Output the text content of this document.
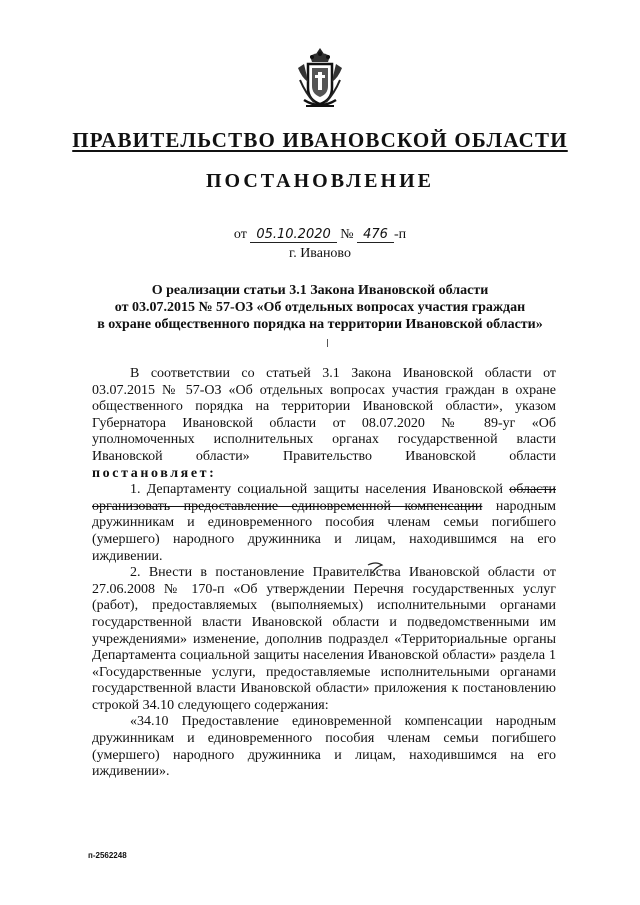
ПРАВИТЕЛЬСТВО ИВАНОВСКОЙ ОБЛАСТИ
ПОСТАНОВЛЕНИЕ
от 05.10.2020 № 476 -п
г. Иваново
О реализации статьи 3.1 Закона Ивановской области
от 03.07.2015 № 57-ОЗ «Об отдельных вопросах участия граждан
в охране общественного порядка на территории Ивановской области»

В соответствии со статьей 3.1 Закона Ивановской области от 03.07.2015 № 57-ОЗ «Об отдельных вопросах участия граждан в охране общественного порядка на территории Ивановской области», указом Губернатора Ивановской области от 08.07.2020 № 89-уг «Об уполномоченных исполнительных органах государственной власти Ивановской области» Правительство Ивановской области постановляет:

1. Департаменту социальной защиты населения Ивановской области организовать предоставление единовременной компенсации народным дружинникам и единовременного пособия членам семьи погибшего (умершего) народного дружинника и лицам, находившимся на его иждивении.

2. Внести в постановление Правительства Ивановской области от 27.06.2008 № 170-п «Об утверждении Перечня государственных услуг (работ), предоставляемых (выполняемых) исполнительными органами государственной власти Ивановской области и подведомственными им учреждениями» изменение, дополнив подраздел «Территориальные органы Департамента социальной защиты населения Ивановской области» раздела 1 «Государственные услуги, предоставляемые исполнительными органами государственной власти Ивановской области» приложения к постановлению строкой 34.10 следующего содержания:

«34.10 Предоставление единовременной компенсации народным дружинникам и единовременного пособия членам семьи погибшего (умершего) народного дружинника и лицам, находившимся на его иждивении».

п-2562248
